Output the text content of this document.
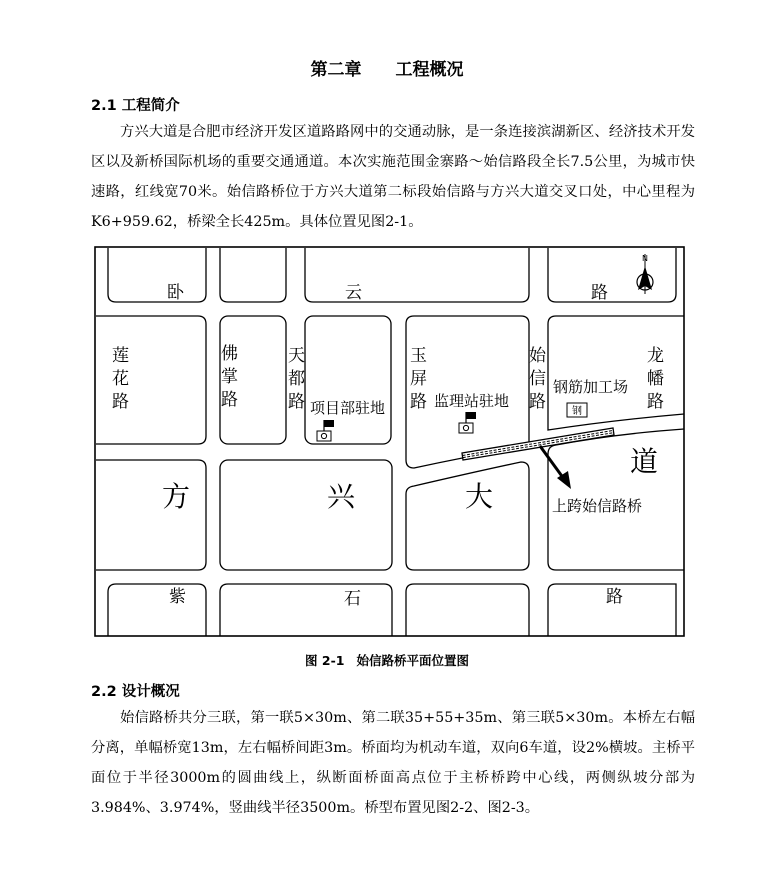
第二章 工程概况
2.1 工程简介

方兴大道是合肥市经济开发区道路路网中的交通动脉，是一条连接滨湖新区、经济技术开发区以及新桥国际机场的重要交通通道。本次实施范围金寨路～始信路段全长7.5公里，为城市快速路，红线宽70米。始信路桥位于方兴大道第二标段始信路与方兴大道交叉口处，中心里程为K6+959.62，桥梁全长425m。具体位置见图2-1。

N
钢
卧	云	路
莲
花
路
佛
掌
路
天
都
路
玉
屏
路
始
信
路
龙
幡
路
紫	石	路
方	兴	大
道
项目部驻地	监理站驻地
钢筋加工场
上跨始信路桥
图 2-1 始信路桥平面位置图
2.2 设计概况

始信路桥共分三联，第一联5×30m、第二联35+55+35m、第三联5×30m。本桥左右幅分离，单幅桥宽13m，左右幅桥间距3m。桥面均为机动车道，双向6车道，设2%横坡。主桥平面位于半径3000m的圆曲线上，纵断面桥面高点位于主桥桥跨中心线，两侧纵坡分部为3.984%、3.974%，竖曲线半径3500m。桥型布置见图2-2、图2-3。
